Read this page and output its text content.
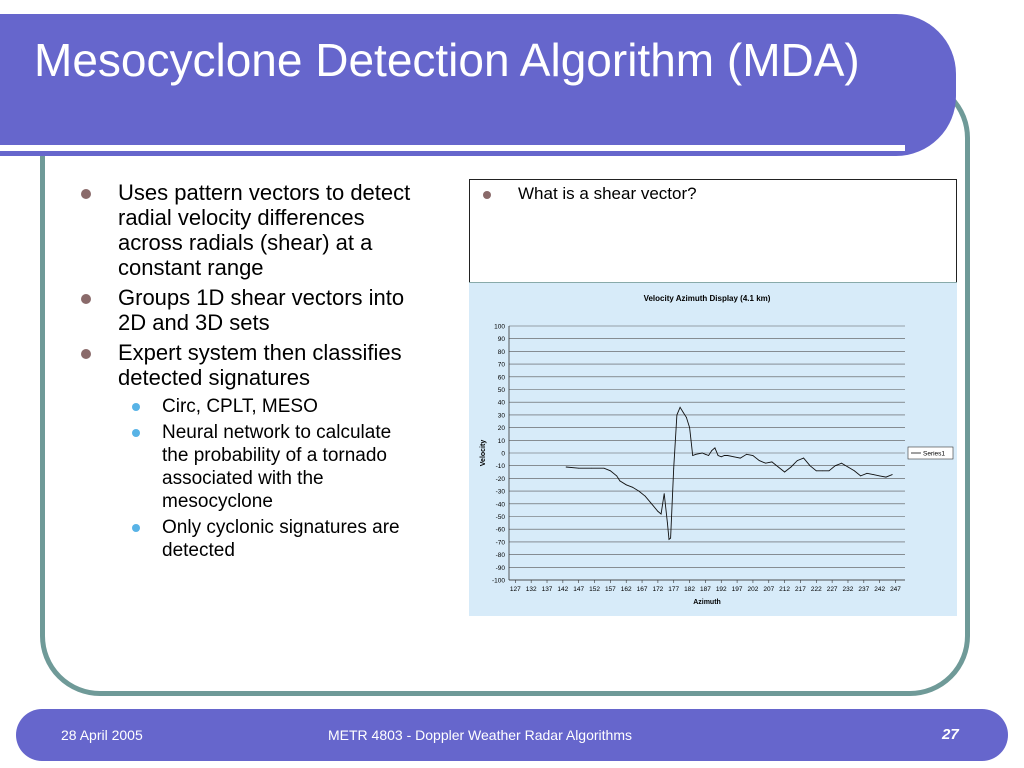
Mesocyclone Detection Algorithm (MDA)
Uses pattern vectors to detect radial velocity differences across radials (shear) at a constant range
Groups 1D shear vectors into 2D and 3D sets
Expert system then classifies detected signatures
Circ, CPLT, MESO
Neural network to calculate the probability of a tornado associated with the mesocyclone
Only cyclonic signatures are detected
What is a shear vector?
Velocity Azimuth Display (4.1 km)
100
90
80
70
60
50
40
30
20
10
0
-10
-20
-30
-40
-50
-60
-70
-80
-90
-100
127 132 137 142 147 152 157 162 167 172 177 182 187 192 197 202 207 212 217 222 227 232 237 242 247
Azimuth
Velocity	Series1
28 April 2005	METR 4803 - Doppler Weather Radar Algorithms	27
